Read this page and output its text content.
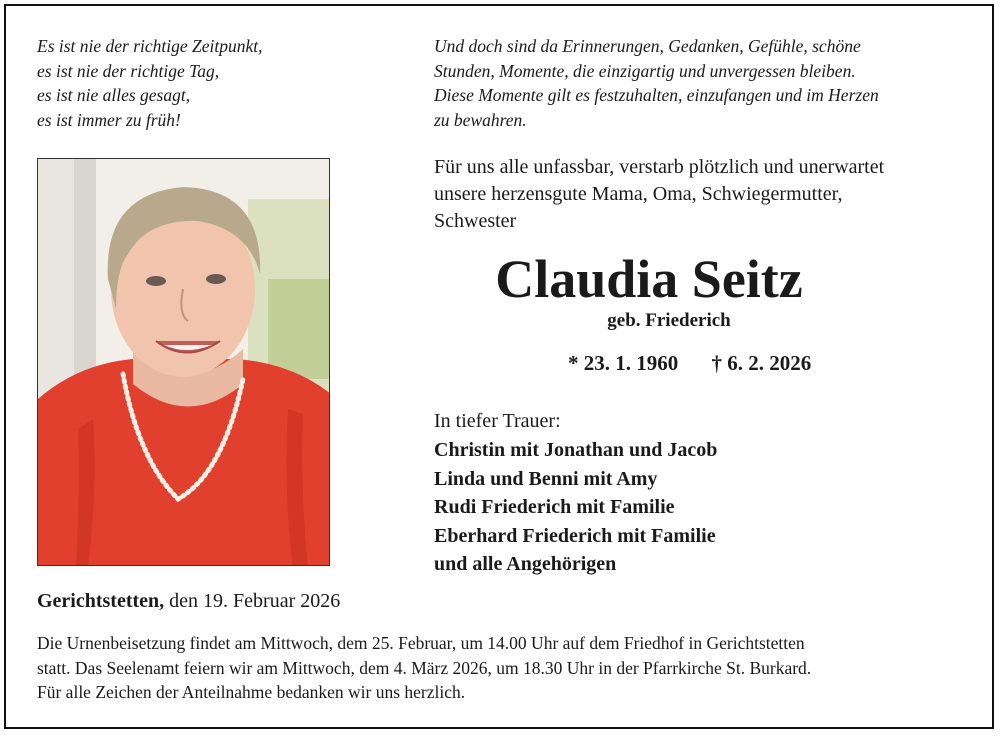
Es ist nie der richtige Zeitpunkt,
es ist nie der richtige Tag,
es ist nie alles gesagt,
es ist immer zu früh!
Und doch sind da Erinnerungen, Gedanken, Gefühle, schöne
Stunden, Momente, die einzigartig und unvergessen bleiben.
Diese Momente gilt es festzuhalten, einzufangen und im Herzen
zu bewahren.
Für uns alle unfassbar, verstarb plötzlich und unerwartet
unsere herzensgute Mama, Oma, Schwiegermutter,
Schwester
Claudia Seitz
geb. Friederich
* 23. 1. 1960 † 6. 2. 2026
In tiefer Trauer:
Christin mit Jonathan und Jacob
Linda und Benni mit Amy
Rudi Friederich mit Familie
Eberhard Friederich mit Familie
und alle Angehörigen
Gerichtstetten, den 19. Februar 2026
Die Urnenbeisetzung findet am Mittwoch, dem 25. Februar, um 14.00 Uhr auf dem Friedhof in Gerichtstetten
statt. Das Seelenamt feiern wir am Mittwoch, dem 4. März 2026, um 18.30 Uhr in der Pfarrkirche St. Burkard.
Für alle Zeichen der Anteilnahme bedanken wir uns herzlich.
